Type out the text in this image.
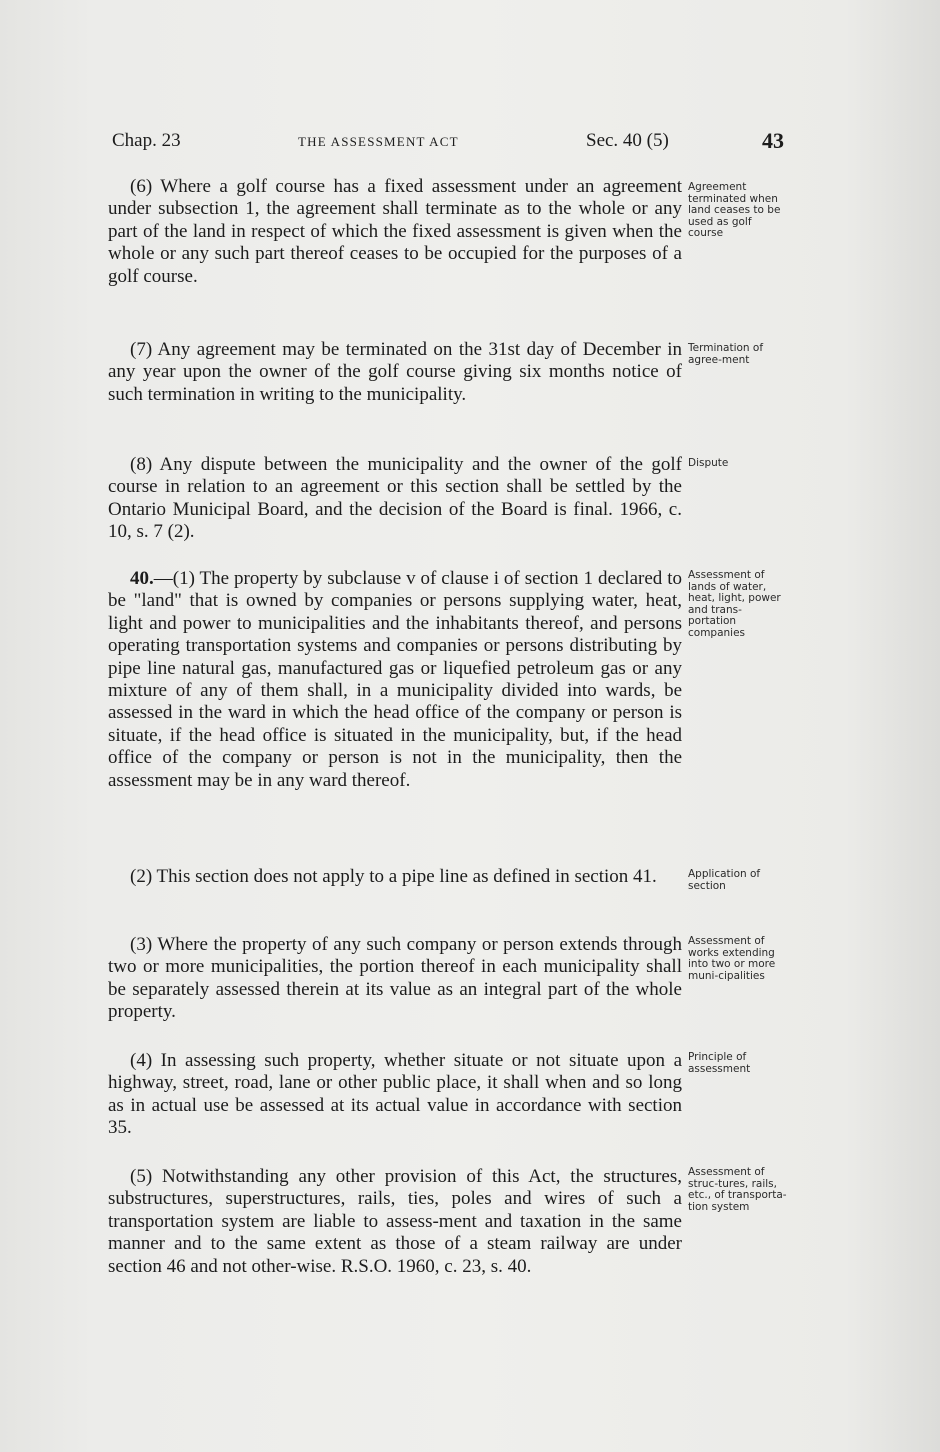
Chap. 23	THE ASSESSMENT ACT	Sec. 40 (5)	43

(6) Where a golf course has a fixed assessment under an agreement under subsection 1, the agreement shall terminate as to the whole or any part of the land in respect of which the fixed assessment is given when the whole or any such part thereof ceases to be occupied for the purposes of a golf course.

Agreement terminated when land ceases to be used as golf course

(7) Any agreement may be terminated on the 31st day of December in any year upon the owner of the golf course giving six months notice of such termination in writing to the municipality.

Termination of agree-ment

(8) Any dispute between the municipality and the owner of the golf course in relation to an agreement or this section shall be settled by the Ontario Municipal Board, and the decision of the Board is final. 1966, c. 10, s. 7 (2).

Dispute

40.—(1) The property by subclause v of clause i of section 1 declared to be "land" that is owned by companies or persons supplying water, heat, light and power to municipalities and the inhabitants thereof, and persons operating transportation systems and companies or persons distributing by pipe line natural gas, manufactured gas or liquefied petroleum gas or any mixture of any of them shall, in a municipality divided into wards, be assessed in the ward in which the head office of the company or person is situate, if the head office is situated in the municipality, but, if the head office of the company or person is not in the municipality, then the assessment may be in any ward thereof.

Assessment of lands of water, heat, light, power and trans-portation companies

(2) This section does not apply to a pipe line as defined in section 41.	Application of section

(3) Where the property of any such company or person extends through two or more municipalities, the portion thereof in each municipality shall be separately assessed therein at its value as an integral part of the whole property.

Assessment of works extending into two or more muni-cipalities

(4) In assessing such property, whether situate or not situate upon a highway, street, road, lane or other public place, it shall when and so long as in actual use be assessed at its actual value in accordance with section 35.

Principle of assessment

(5) Notwithstanding any other provision of this Act, the structures, substructures, superstructures, rails, ties, poles and wires of such a transportation system are liable to assess-ment and taxation in the same manner and to the same extent as those of a steam railway are under section 46 and not other-wise. R.S.O. 1960, c. 23, s. 40.

Assessment of struc-tures, rails, etc., of transporta-tion system
